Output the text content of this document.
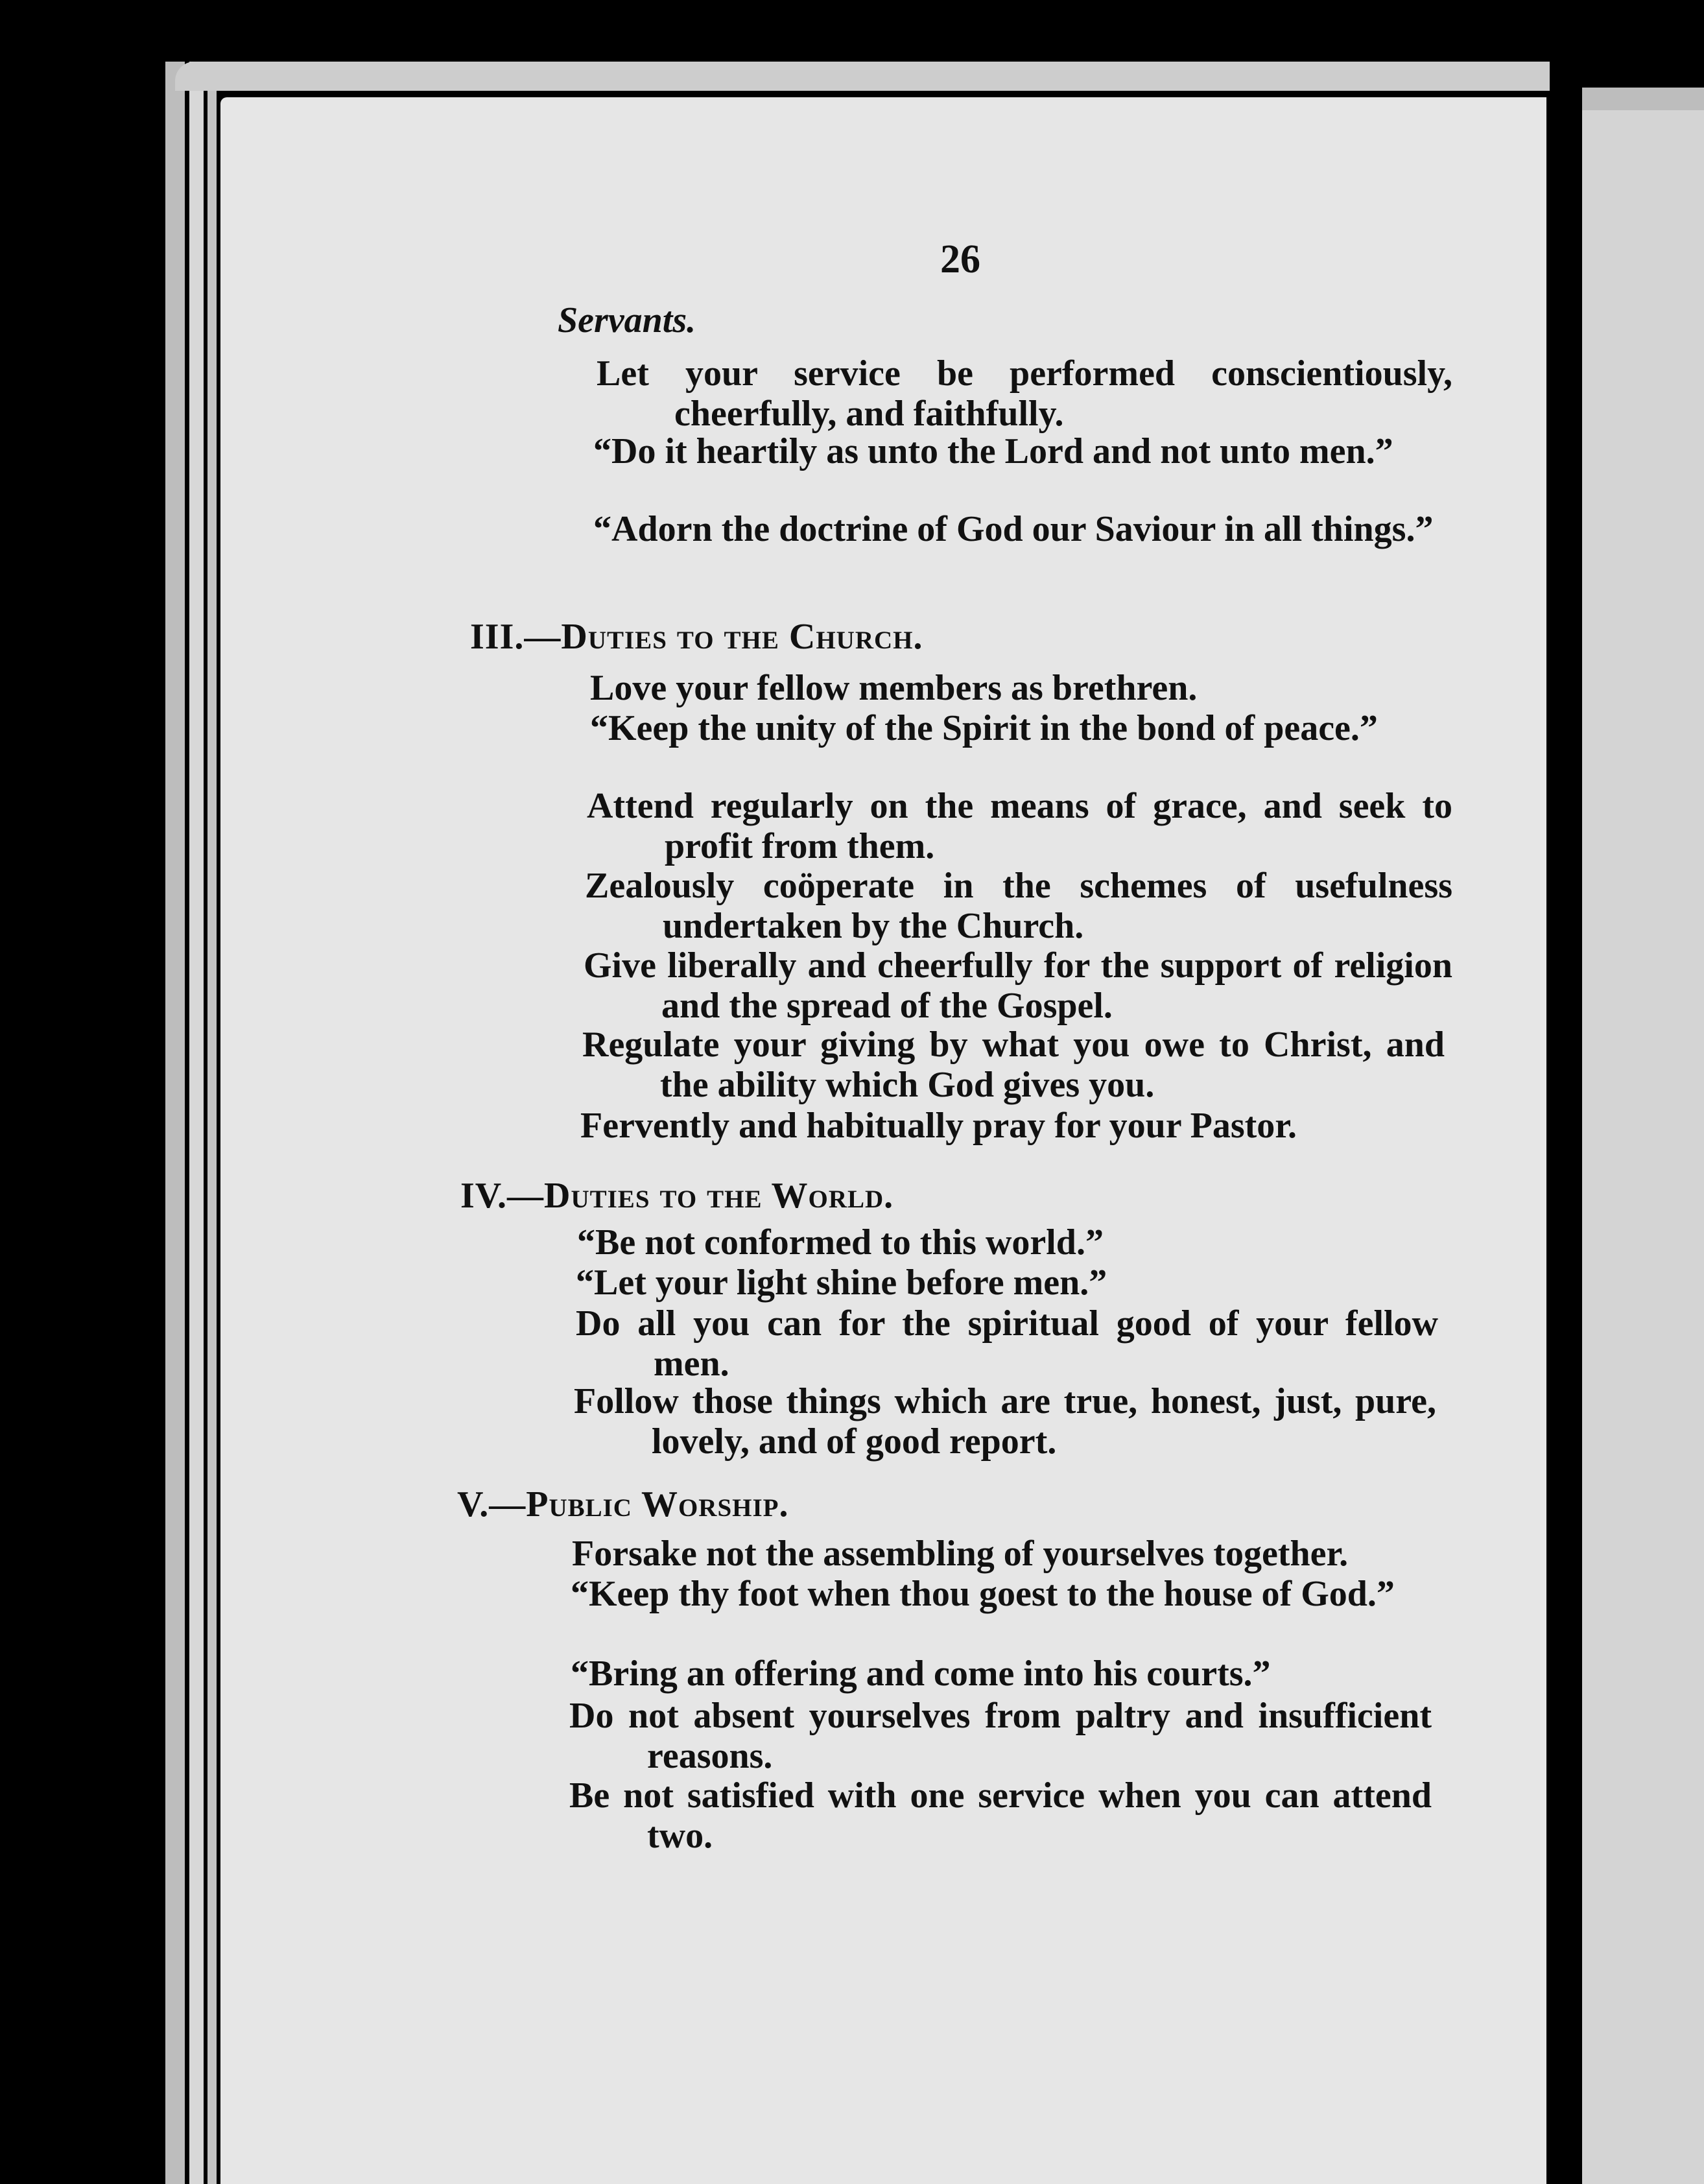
26
Servants.
Let your service be performed conscientiously, cheerfully, and faithfully.
“Do it heartily as unto the Lord and not unto men.”
“Adorn the doctrine of God our Saviour in all things.”
III.—Duties to the Church.
Love your fellow members as brethren.
“Keep the unity of the Spirit in the bond of peace.”
Attend regularly on the means of grace, and seek to profit from them.
Zealously coöperate in the schemes of usefulness undertaken by the Church.
Give liberally and cheerfully for the support of religion and the spread of the Gospel.
Regulate your giving by what you owe to Christ, and the ability which God gives you.
Fervently and habitually pray for your Pastor.
IV.—Duties to the World.
“Be not conformed to this world.”
“Let your light shine before men.”
Do all you can for the spiritual good of your fellow men.
Follow those things which are true, honest, just, pure, lovely, and of good report.
V.—Public Worship.
Forsake not the assembling of yourselves together.
“Keep thy foot when thou goest to the house of God.”
“Bring an offering and come into his courts.”
Do not absent yourselves from paltry and insufficient reasons.
Be not satisfied with one service when you can attend two.
